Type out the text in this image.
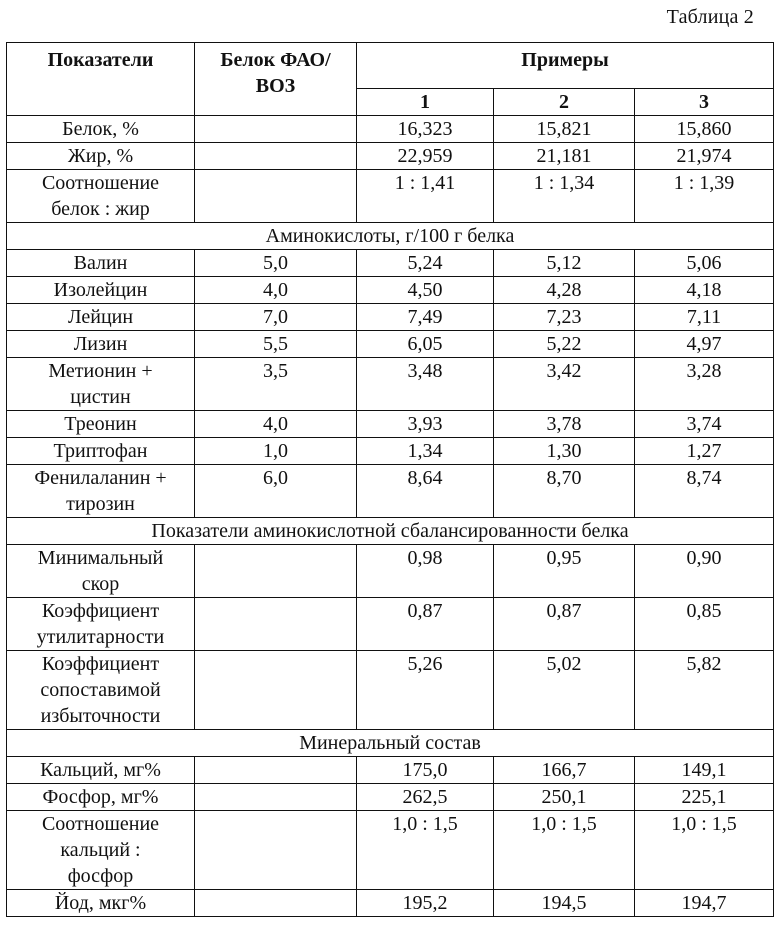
Таблица 2
Показатели	Белок ФАО/ВОЗ	Примеры		
		1	2	3
Белок, %		16,323	15,821	15,860
Жир, %		22,959	21,181	21,974

Соотношение
белок : жир		1 : 1,41	1 : 1,34	1 : 1,39
Аминокислоты, г/100 г белка				
Валин	5,0	5,24	5,12	5,06
Изолейцин	4,0	4,50	4,28	4,18
Лейцин	7,0	7,49	7,23	7,11
Лизин	5,5	6,05	5,22	4,97

Метионин +
цистин	3,5	3,48	3,42	3,28
Треонин	4,0	3,93	3,78	3,74
Триптофан	1,0	1,34	1,30	1,27

Фенилаланин +
тирозин	6,0	8,64	8,70	8,74
Показатели аминокислотной сбалансированности белка				

Минимальный
скор		0,98	0,95	0,90

Коэффициент
утилитарности		0,87	0,87	0,85

Коэффициент
сопоставимой
избыточности		5,26	5,02	5,82
Минеральный состав				
Кальций, мг%		175,0	166,7	149,1
Фосфор, мг%		262,5	250,1	225,1

Соотношение
кальций :
фосфор		1,0 : 1,5	1,0 : 1,5	1,0 : 1,5
Йод, мкг%		195,2	194,5	194,7
